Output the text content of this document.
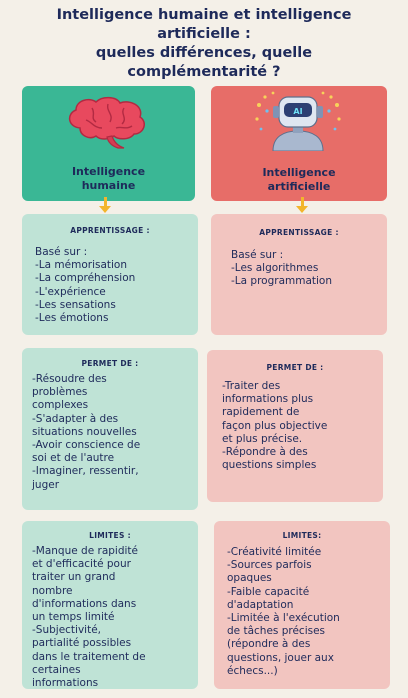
Intelligence humaine et intelligence
artificielle :
quelles différences, quelle
complémentarité ?
Intelligence
humaine
AI
Intelligence
artificielle
APPRENTISSAGE :
Basé sur :
-La mémorisation
-La compréhension
-L'expérience
-Les sensations
-Les émotions
APPRENTISSAGE :
Basé sur :
-Les algorithmes
-La programmation
PERMET DE :
-Résoudre des
problèmes
complexes
-S'adapter à des
situations nouvelles
-Avoir conscience de
soi et de l'autre
-Imaginer, ressentir,
juger
PERMET DE :
-Traiter des
informations plus
rapidement de
façon plus objective
et plus précise.
-Répondre à des
questions simples
LIMITES :
-Manque de rapidité
et d'efficacité pour
traiter un grand
nombre
d'informations dans
un temps limité
-Subjectivité,
partialité possibles
dans le traitement de
certaines
informations
LIMITES:
-Créativité limitée
-Sources parfois
opaques
-Faible capacité
d'adaptation
-Limitée à l'exécution
de tâches précises
(répondre à des
questions, jouer aux
échecs...)
